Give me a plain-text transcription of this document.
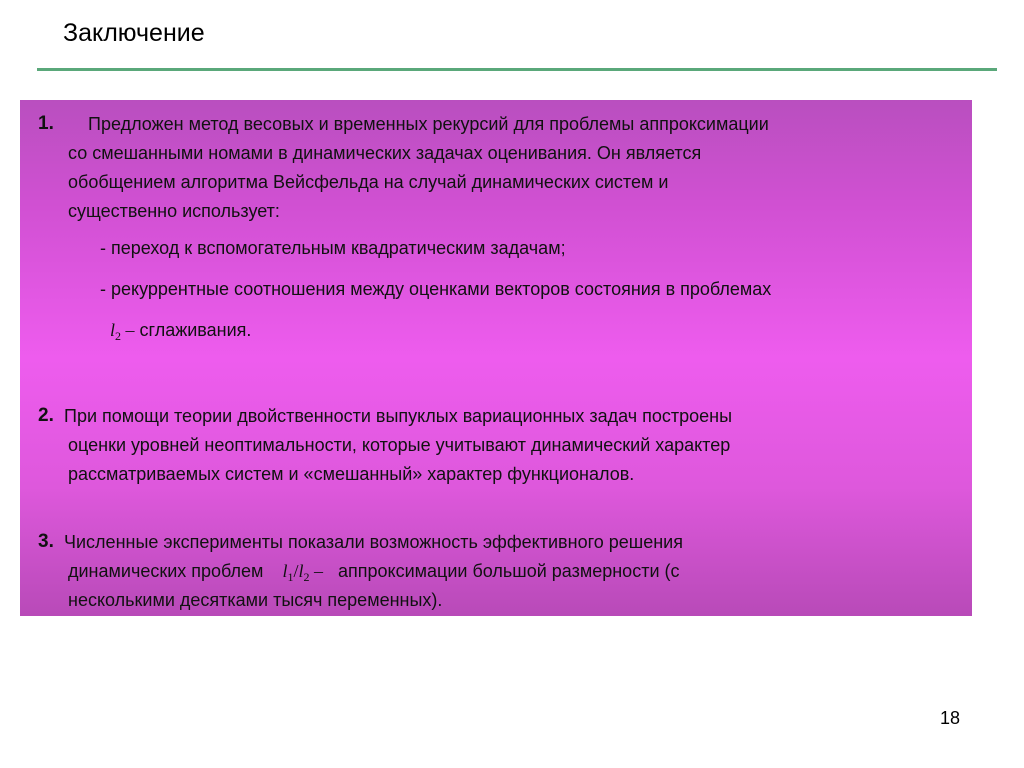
Заключение
1. Предложен метод весовых и временных рекурсий для проблемы аппроксимации
со смешанными номами в динамических задачах оценивания. Он является
обобщением алгоритма Вейсфельда на случай динамических систем и
существенно использует:
- переход к вспомогательным квадратическим задачам;
- рекуррентные соотношения между оценками векторов состояния в проблемах
$l_2$ – сглаживания.
2. При помощи теории двойственности выпуклых вариационных задач построены
оценки уровней неоптимальности, которые учитывают динамический характер
рассматриваемых систем и «смешанный» характер функционалов.
3. Численные эксперименты показали возможность эффективного решения
динамических проблем $l_1/l_2$ – аппроксимации большой размерности (с
несколькими десятками тысяч переменных).
18
